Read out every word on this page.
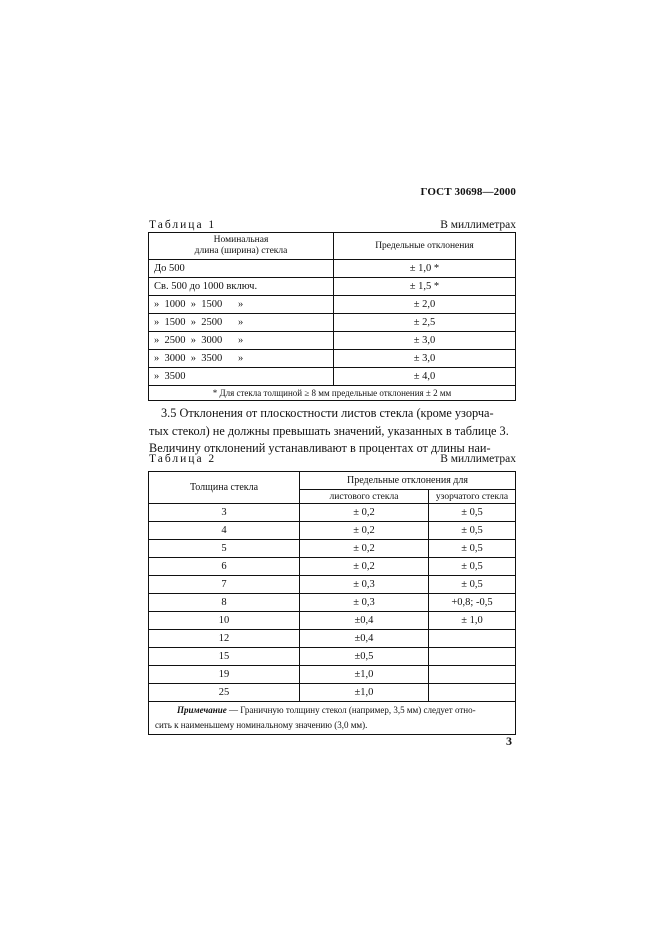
ГОСТ 30698—2000
Таблица 1	В миллиметрах
Номинальная
длина (ширина) стекла	Предельные отклонения
До 500	± 1,0 *
Св. 500 до 1000 включ.	± 1,5 *
»  1000  »  1500      »	± 2,0
»  1500  »  2500      »	± 2,5
»  2500  »  3000      »	± 3,0
»  3000  »  3500      »	± 3,0
»  3500	± 4,0
* Для стекла толщиной ≥ 8 мм предельные отклонения ± 2 мм	
3.5 Отклонения от плоскостности листов стекла (кроме узорча-
тых стекол) не должны превышать значений, указанных в таблице 3.
Величину отклонений устанавливают в процентах от длины наи-
Таблица 2	В миллиметрах
Толщина стекла	Предельные отклонения для	
	листового стекла	узорчатого стекла
3	± 0,2	± 0,5
4	± 0,2	± 0,5
5	± 0,2	± 0,5
6	± 0,2	± 0,5
7	± 0,3	± 0,5
8	± 0,3	+0,8; -0,5
10	±0,4	± 1,0
12	±0,4	
15	±0,5	
19	±1,0	
25	±1,0	

Примечание — Граничную толщину стекол (например, 3,5 мм) следует отно-
сить к наименьшему номинальному значению (3,0 мм).		
3
